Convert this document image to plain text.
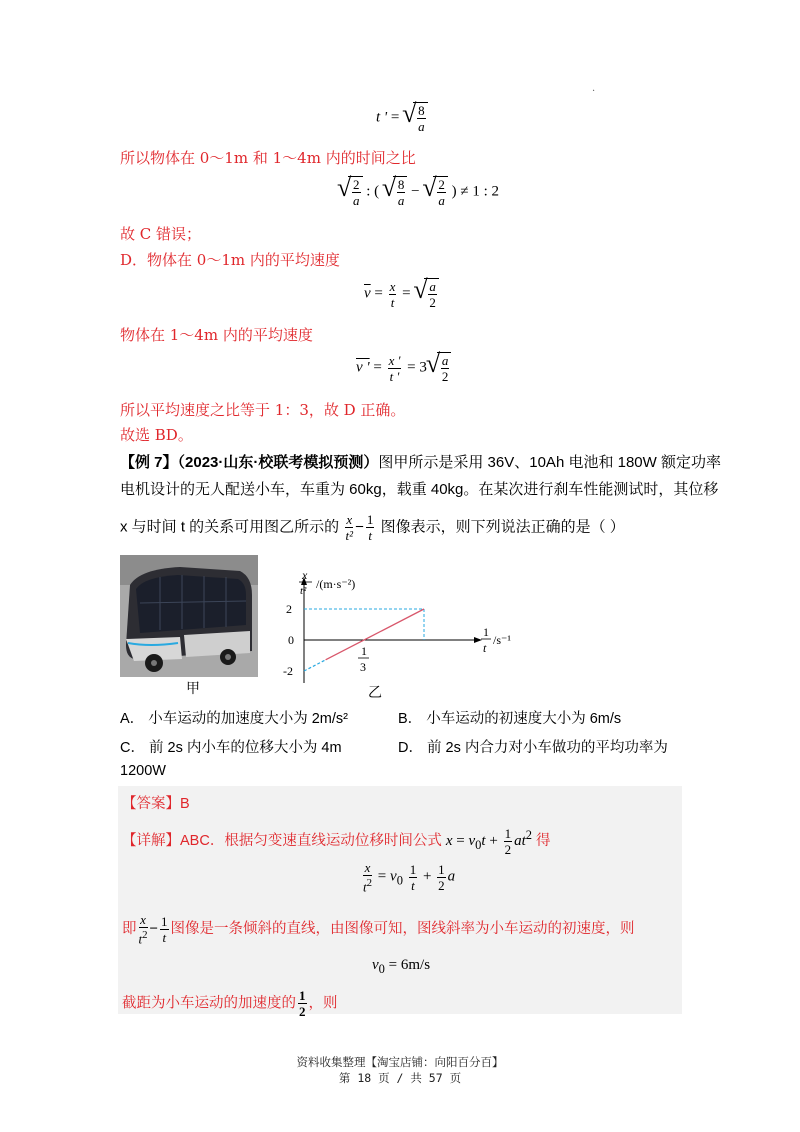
·
t ' = √ $\frac{8}{a}$
所以物体在 0～1m 和 1～4m 内的时间之比
√ $\frac{2}{a}$ : ( √ $\frac{8}{a}$ − √ $\frac{2}{a}$ ) ≠ 1 : 2
故 C 错误；
D．物体在 0～1m 内的平均速度
$\overline{v} = \frac{x}{t}$ = √ $\frac{a}{2}$
物体在 1～4m 内的平均速度
v ' = $\frac{x '}{t '} = 3$ √ $\frac{a}{2}$
所以平均速度之比等于 1：3，故 D 正确。
故选 BD。
【例 7】（2023·山东·校联考模拟预测）图甲所示是采用 36V、10Ah 电池和 180W 额定功率
电机设计的无人配送小车，车重为 60kg，载重 40kg。在某次进行刹车性能测试时，其位移
x 与时间 t 的关系可用图乙所示的 $\frac{x}{\text{t²}} - \frac{1}{t}$ 图像表示，则下列说法正确的是（ ）
甲
x
t² /(m·s⁻²)
1
t
/s⁻¹
2
0
-2
1
3
乙
A． 小车运动的加速度大小为 2m/s²	B． 小车运动的初速度大小为 6m/s
C． 前 2s 内小车的位移大小为 4m	D． 前 2s 内合力对小车做功的平均功率为
1200W
【答案】B
【详解】ABC．根据匀变速直线运动位移时间公式 $x = v_0t + \frac{1}{2} at^2$ 得
$\frac{x}{t^2} = v_0 \frac{1}{t} + \frac{1}{2}$ a
即 $\frac{x}{t^2} - \frac{1}{t}$ 图像是一条倾斜的直线，由图像可知，图线斜率为小车运动的初速度，则
$v_0 = 6m/s$
截距为小车运动的加速度的 $\frac{1}{2}$ ，则
资料收集整理【淘宝店铺：向阳百分百】
第 18 页 / 共 57 页
